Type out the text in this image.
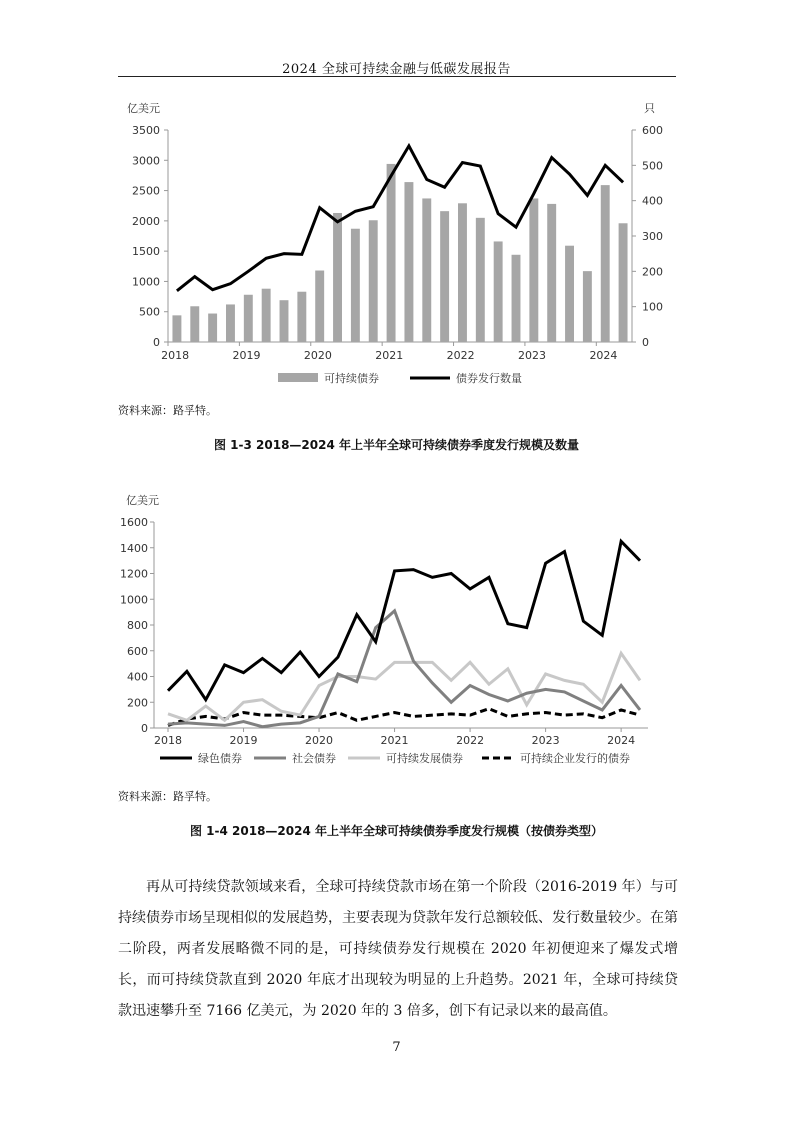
2024 全球可持续金融与低碳发展报告
0
500
1000
1500
2000
2500
3000
3500
0
100
200
300
400
500
600
亿美元	只
2018	2019	2020	2021	2022	2023	2024
可持续债券	债券发行数量
资料来源：路孚特。
图 1-3 2018—2024 年上半年全球可持续债券季度发行规模及数量
0
200
400
600
800
1000
1200
1400
1600
亿美元
2018	2019	2020	2021	2022	2023	2024
绿色债券	社会债券	可持续发展债券	可持续企业发行的债券
资料来源：路孚特。
图 1-4 2018—2024 年上半年全球可持续债券季度发行规模（按债券类型）

再从可持续贷款领域来看，全球可持续贷款市场在第一个阶段（2016-2019 年）与可持续债券市场呈现相似的发展趋势，主要表现为贷款年发行总额较低、发行数量较少。在第二阶段，两者发展略微不同的是，可持续债券发行规模在 2020 年初便迎来了爆发式增长，而可持续贷款直到 2020 年底才出现较为明显的上升趋势。2021 年，全球可持续贷款迅速攀升至 7166 亿美元，为 2020 年的 3 倍多，创下有记录以来的最高值。

7
